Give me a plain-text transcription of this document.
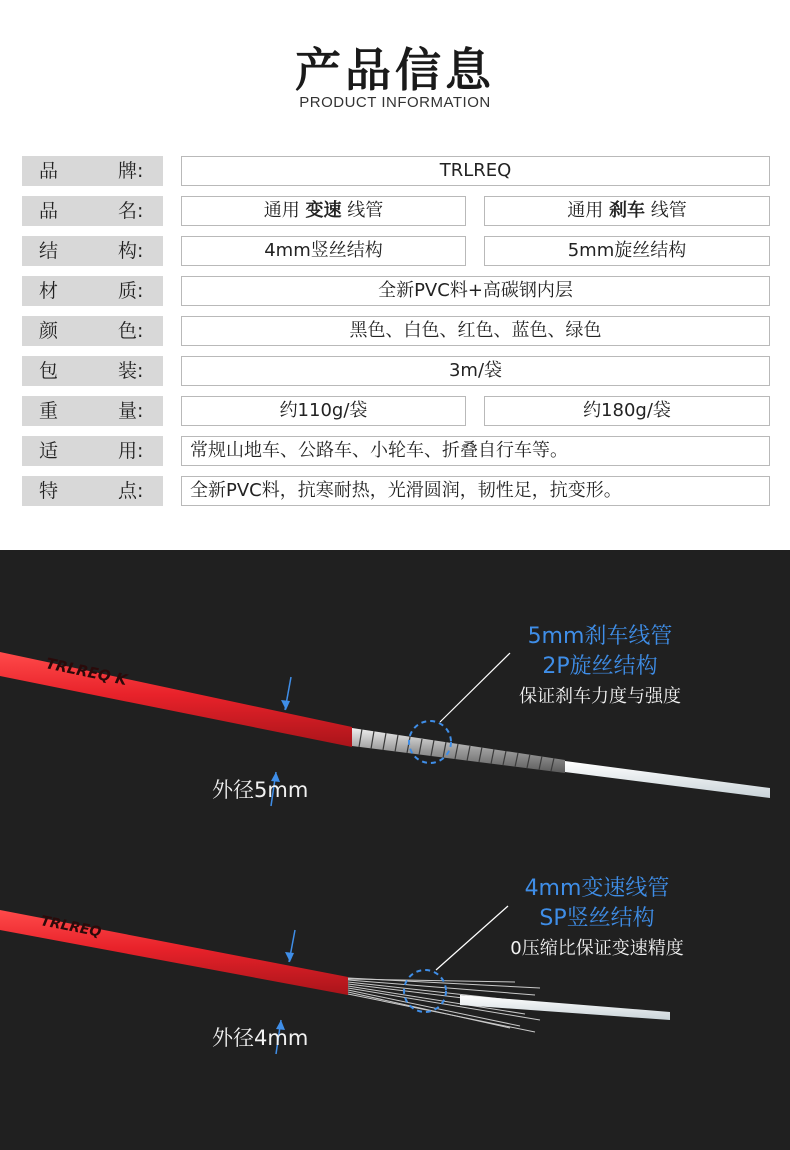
产品信息
PRODUCT INFORMATION
品	牌:	TRLREQ
品	名:	通用 变速 线管	通用 刹车 线管
结	构:	4mm竖丝结构	5mm旋丝结构
材	质:	全新PVC料+高碳钢内层
颜	色:	黑色、白色、红色、蓝色、绿色
包	装:	3m/袋
重	量:	约110g/袋	约180g/袋
适	用:	常规山地车、公路车、小轮车、折叠自行车等。
特	点:	全新PVC料，抗寒耐热，光滑圆润，韧性足，抗变形。
TRLREQ K
TRLREQ
5mm刹车线管
2P旋丝结构
保证刹车力度与强度
外径5mm
4mm变速线管
SP竖丝结构
0压缩比保证变速精度
外径4mm
